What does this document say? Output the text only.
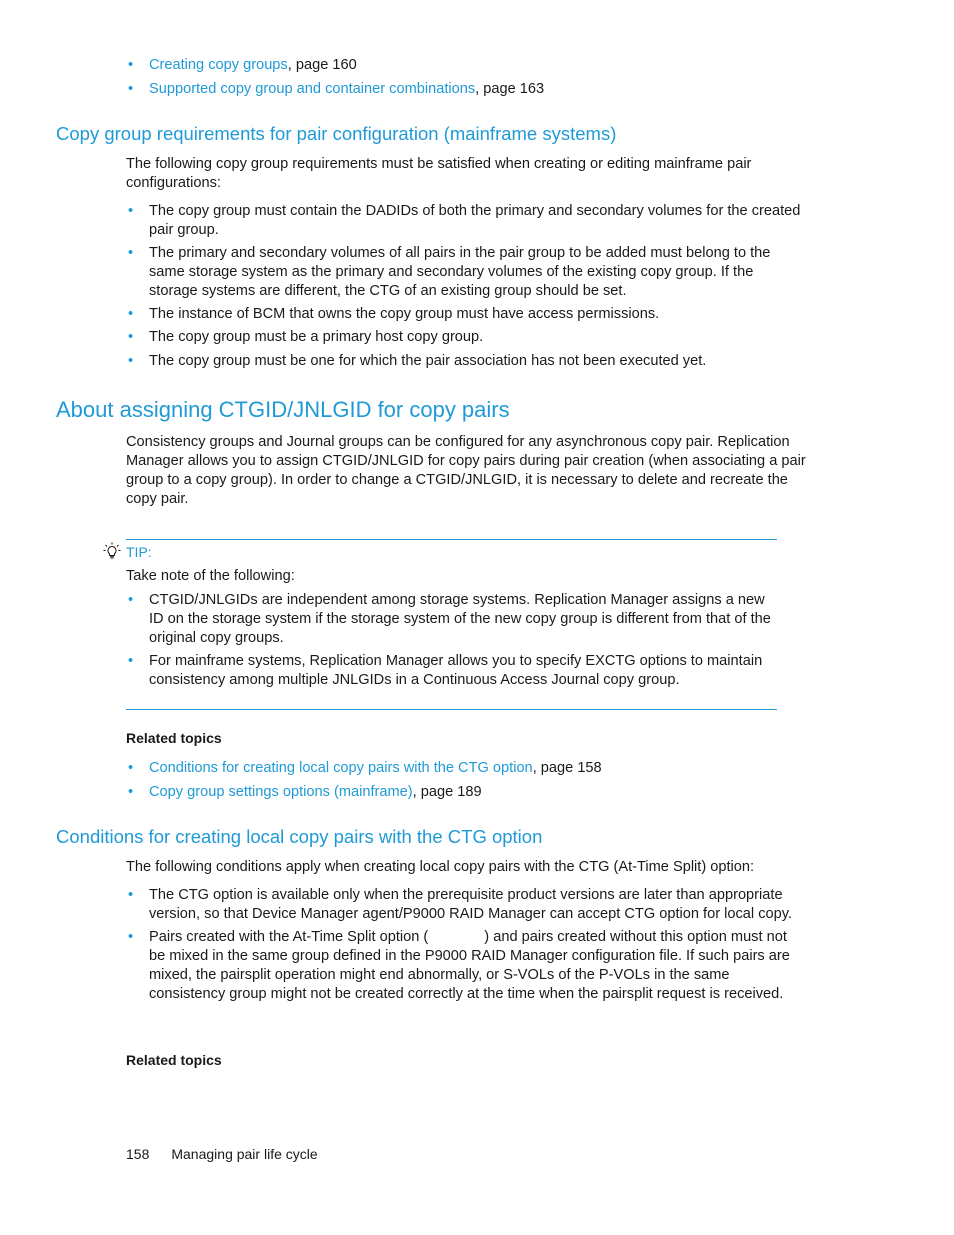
• Creating copy groups, page 160
• Supported copy group and container combinations, page 163
Copy group requirements for pair configuration (mainframe systems)

The following copy group requirements must be satisfied when creating or editing mainframe pair configurations:

• The copy group must contain the DADIDs of both the primary and secondary volumes for the created pair group.
• The primary and secondary volumes of all pairs in the pair group to be added must belong to the same storage system as the primary and secondary volumes of the existing copy group. If the storage systems are different, the CTG of an existing group should be set.
• The instance of BCM that owns the copy group must have access permissions.
• The copy group must be a primary host copy group.
• The copy group must be one for which the pair association has not been executed yet.
About assigning CTGID/JNLGID for copy pairs

Consistency groups and Journal groups can be configured for any asynchronous copy pair. Replication Manager allows you to assign CTGID/JNLGID for copy pairs during pair creation (when associating a pair group to a copy group). In order to change a CTGID/JNLGID, it is necessary to delete and recreate the copy pair.

TIP:

Take note of the following:

• CTGID/JNLGIDs are independent among storage systems. Replication Manager assigns a new ID on the storage system if the storage system of the new copy group is different from that of the original copy groups.
• For mainframe systems, Replication Manager allows you to specify EXCTG options to maintain consistency among multiple JNLGIDs in a Continuous Access Journal copy group.
Related topics
• Conditions for creating local copy pairs with the CTG option, page 158
• Copy group settings options (mainframe), page 189
Conditions for creating local copy pairs with the CTG option

The following conditions apply when creating local copy pairs with the CTG (At-Time Split) option:

• The CTG option is available only when the prerequisite product versions are later than appropriate version, so that Device Manager agent/P9000 RAID Manager can accept CTG option for local copy.
• Pairs created with the At-Time Split option (	) and pairs created without this option must not be mixed in the same group defined in the P9000 RAID Manager configuration file. If such pairs are mixed, the pairsplit operation might end abnormally, or S-VOLs of the P-VOLs in the same consistency group might not be created correctly at the time when the pairsplit request is received.
Related topics
158 Managing pair life cycle
